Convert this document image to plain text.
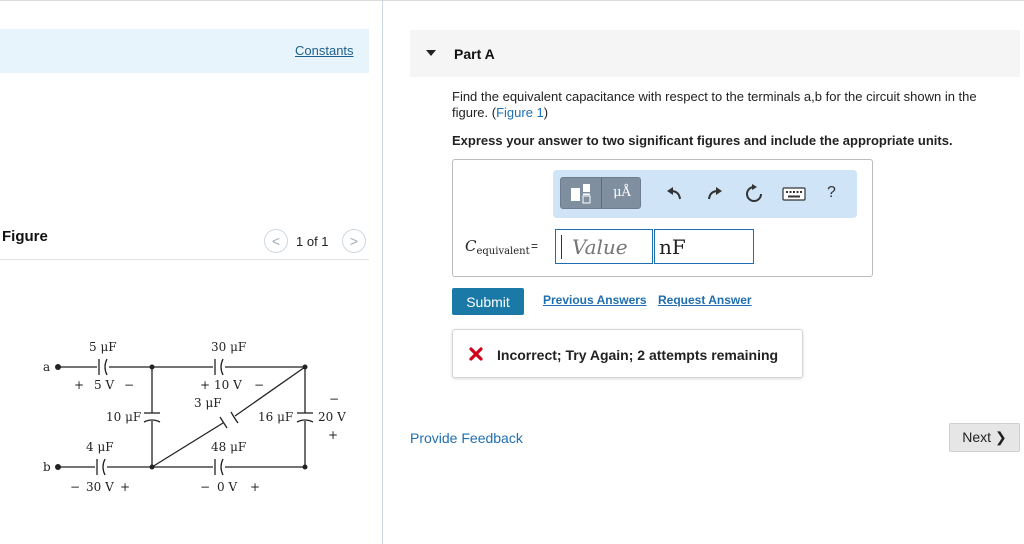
Constants
Figure	<	1 of 1	>
a
b
5 μF
+ 5 V −
30 μF
+ 10 V −
10 μF
3 μF
16 μF
−
20 V
+
4 μF
− 30 V +
48 μF
− 0 V +
Part A
Find the equivalent capacitance with respect to the terminals a,b for the circuit shown in the figure. (Figure 1)
Express your answer to two significant figures and include the appropriate units.
μÅ	?
$C_{equivalent}$ =
Value
nF
Submit	Previous Answers Request Answer
Incorrect; Try Again; 2 attempts remaining
Provide Feedback	Next ❯
